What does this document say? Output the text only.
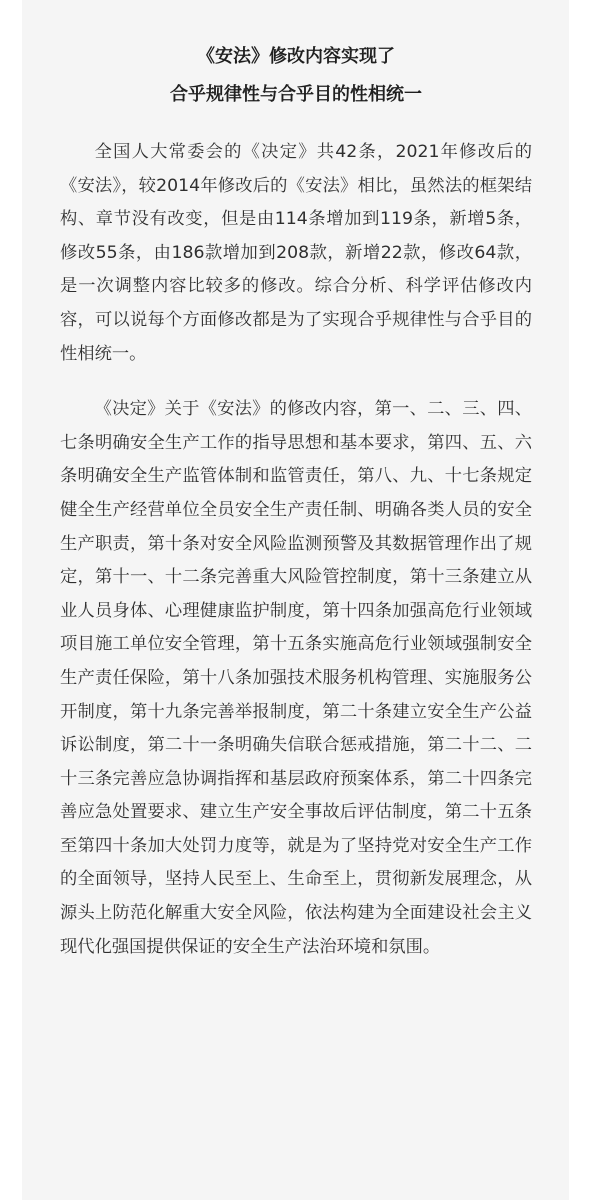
《安法》修改内容实现了
合乎规律性与合乎目的性相统一

全国人大常委会的《决定》共42条，2021年修改后的《安法》，较2014年修改后的《安法》相比，虽然法的框架结构、章节没有改变，但是由114条增加到119条，新增5条，修改55条，由186款增加到208款，新增22款，修改64款，是一次调整内容比较多的修改。综合分析、科学评估修改内容，可以说每个方面修改都是为了实现合乎规律性与合乎目的性相统一。

《决定》关于《安法》的修改内容，第一、二、三、四、七条明确安全生产工作的指导思想和基本要求，第四、五、六条明确安全生产监管体制和监管责任，第八、九、十七条规定健全生产经营单位全员安全生产责任制、明确各类人员的安全生产职责，第十条对安全风险监测预警及其数据管理作出了规定，第十一、十二条完善重大风险管控制度，第十三条建立从业人员身体、心理健康监护制度，第十四条加强高危行业领域项目施工单位安全管理，第十五条实施高危行业领域强制安全生产责任保险，第十八条加强技术服务机构管理、实施服务公开制度，第十九条完善举报制度，第二十条建立安全生产公益诉讼制度，第二十一条明确失信联合惩戒措施，第二十二、二十三条完善应急协调指挥和基层政府预案体系，第二十四条完善应急处置要求、建立生产安全事故后评估制度，第二十五条至第四十条加大处罚力度等，就是为了坚持党对安全生产工作的全面领导，坚持人民至上、生命至上，贯彻新发展理念，从源头上防范化解重大安全风险，依法构建为全面建设社会主义现代化强国提供保证的安全生产法治环境和氛围。
